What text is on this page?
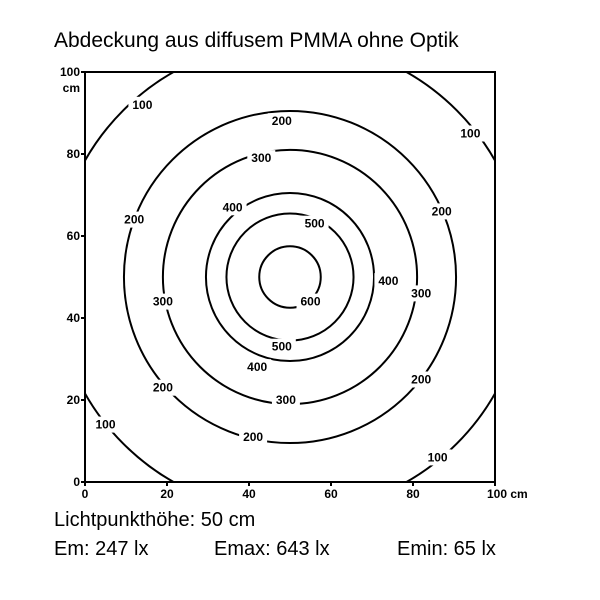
Abdeckung aus diffusem PMMA ohne Optik
100
100
100
100
200
200
200
200
200
200
300
300
300
300
400
400
400
500
500
600
0	20	40	60	80	100 cm
0
20
40
60
80
100
cm
Lichtpunkthöhe: 50 cm
Em: 247 lx	Emax: 643 lx	Emin: 65 lx
